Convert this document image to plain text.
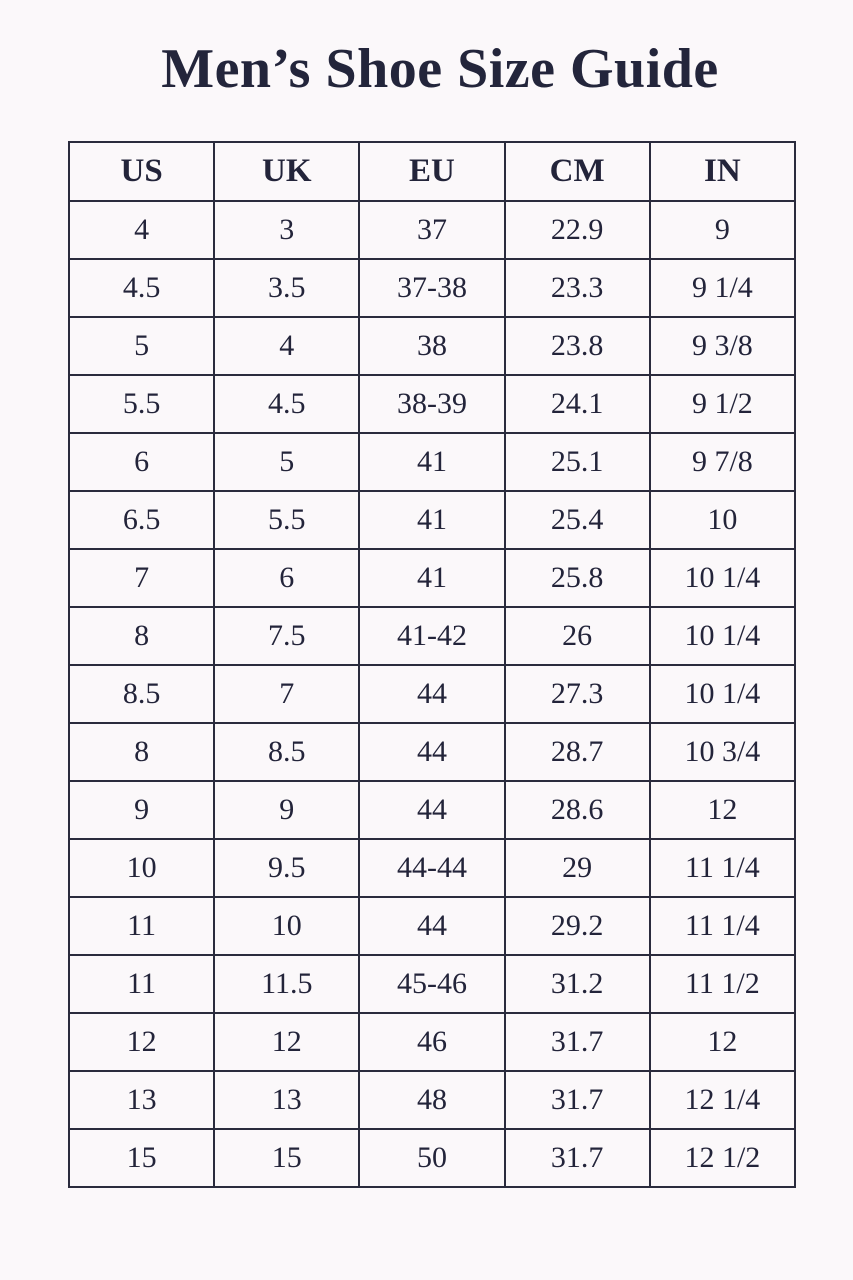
Men’s Shoe Size Guide
US	UK	EU	CM	IN
4	3	37	22.9	9
4.5	3.5	37-38	23.3	9 1/4
5	4	38	23.8	9 3/8
5.5	4.5	38-39	24.1	9 1/2
6	5	41	25.1	9 7/8
6.5	5.5	41	25.4	10
7	6	41	25.8	10 1/4
8	7.5	41-42	26	10 1/4
8.5	7	44	27.3	10 1/4
8	8.5	44	28.7	10 3/4
9	9	44	28.6	12
10	9.5	44-44	29	11 1/4
11	10	44	29.2	11 1/4
11	11.5	45-46	31.2	11 1/2
12	12	46	31.7	12
13	13	48	31.7	12 1/4
15	15	50	31.7	12 1/2
